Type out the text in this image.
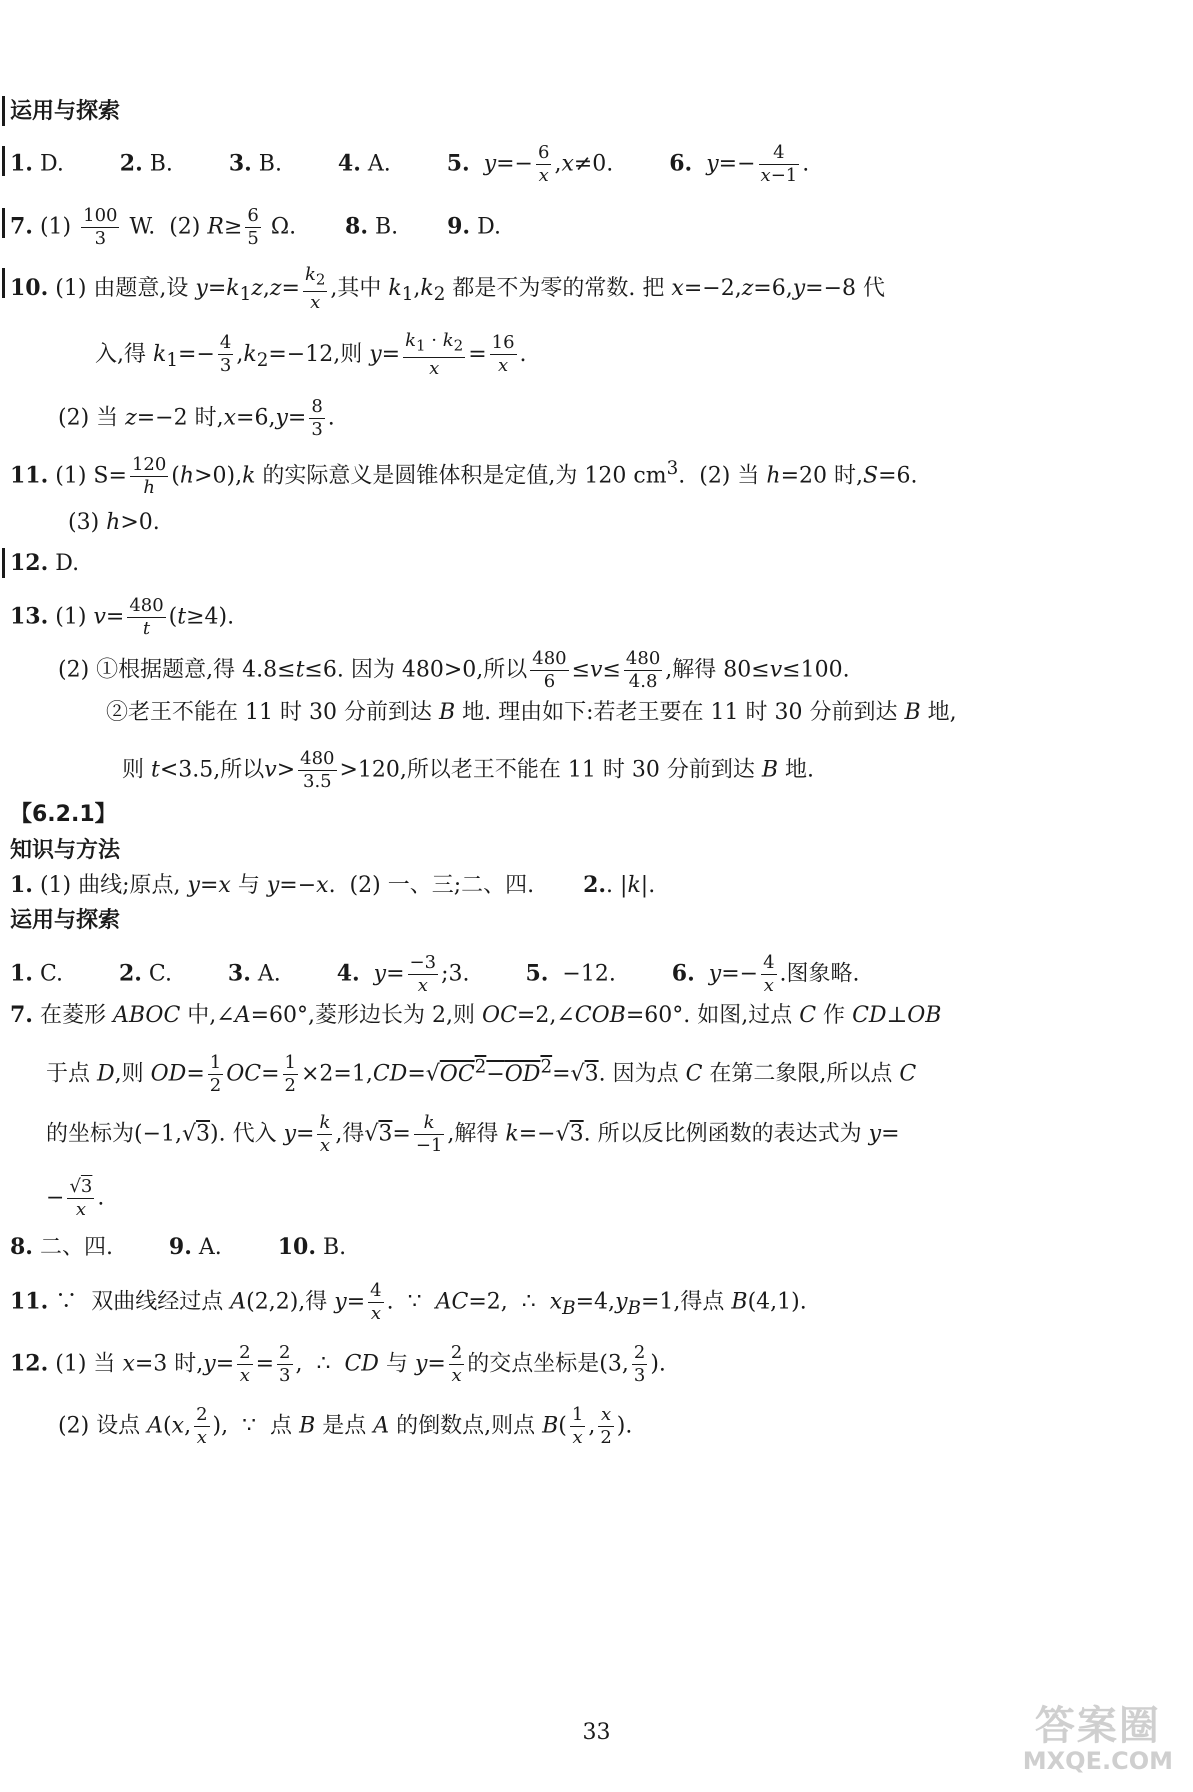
运用与探索
1. D.        2. B.        3. B.        4. A.        5. $y=- \frac{6}{x} ,x\ne 0$.        6. $y=- \frac{4}{x-1}$ .
7. $(1) \frac{100}{3} W$.  (2) $R\ge \frac{6}{5} \Omega$.       8. B.       9. D.
10. (1) 由题意,设 $y=k_1z,z= \frac{k_2}{x}$ ,其中 $k_1,k_2$ 都是不为零的常数. 把 x=−2,z=6,y=−8 代
入,得 $k_1=- \frac{4}{3} ,k_2=-12$,则 $y= \frac{k_1 \cdot k_2}{x} = \frac{16}{x}$ .
(2) 当 z=−2 时$,x=6,y= \frac{8}{3}$ .
11. (1) $S= \frac{120}{h} (h>0),k$ 的实际意义是圆锥体积是定值,为 120 $cm^3$.  (2) 当 h=20 时,S=6.
(3) h>0.
12. D.
13. (1) $v= \frac{480}{t} (t\ge 4)$.
(2) ①根据题意,得 4.8≤t≤6. 因为 480>0,所以 $\frac{480}{6} \le v\le \frac{480}{4.8}$ ,解得 80≤v≤100.
②老王不能在 11 时 30 分前到达 B 地. 理由如下:若老王要在 11 时 30 分前到达 B 地,
则 t<3.5,所以$v> \frac{480}{3.5} >120$,所以老王不能在 11 时 30 分前到达 B 地.
【6.2.1】
知识与方法
1. (1) 曲线;原点, y=x 与 y=−x.  (2) 一、三;二、四.       2.. |k|.
运用与探索
1. C.        2. C.        3. A.        4. $y= \frac{-3}{x}$ ;3.        5.  −12.        6. $y=- \frac{4}{x}$ .图象略.
7. 在菱形 ABOC 中,∠A=60°,菱形边长为 2,则 OC=2,∠COB=60°. 如图,过点 C 作 CD⊥OB
于点 D,则 $OD= \frac{1}{2} OC= \frac{1}{2} \times 2=1,CD=√OC^2-OD^2=√3$. 因为点 C 在第二象限,所以点 C
的坐标为(−1,√3). 代入 $y= \frac{k}{x}$ ,得$√3= \frac{k}{-1}$ ,解得 k=−√3. 所以反比例函数的表达式为 y=
− $\frac{√3}{x}$ .
8. 二、四.        9. A.        10. B.
11. ∵  双曲线经过点 A(2,2),得 $y= \frac{4}{x}$ .  ∵  AC=2,  ∴  $x_B=4,y_B=1$,得点 B(4,1).
12. (1) 当 x=3 时$,y= \frac{2}{x} = \frac{2}{3}$ ,  ∴  CD 与 $y= \frac{2}{x}$ 的交点坐标是(3, $\frac{2}{3}$ ).
(2) 设点 A(x, $\frac{2}{x}$ ),  ∵  点 B 是点 A 的倒数点,则点 $B( \frac{1}{x}$ , $\frac{x}{2}$ ).
33	答案圈
MXQE.COM
